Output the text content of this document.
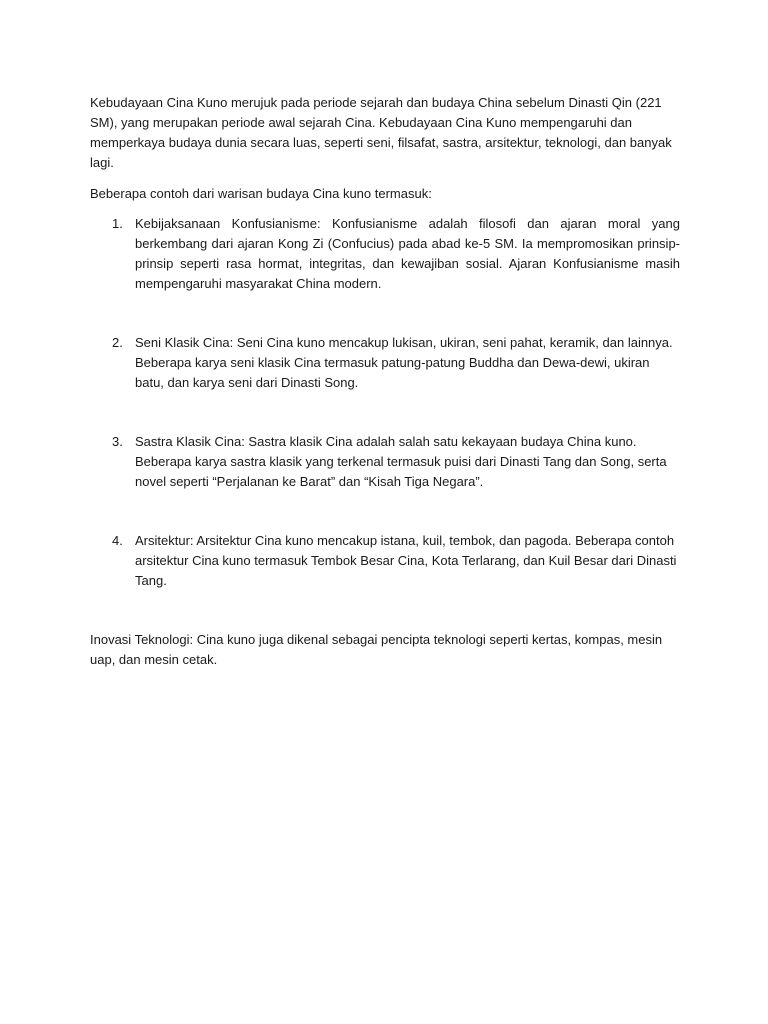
Kebudayaan Cina Kuno merujuk pada periode sejarah dan budaya China sebelum Dinasti Qin (221 SM), yang merupakan periode awal sejarah Cina. Kebudayaan Cina Kuno mempengaruhi dan memperkaya budaya dunia secara luas, seperti seni, filsafat, sastra, arsitektur, teknologi, dan banyak lagi.

Beberapa contoh dari warisan budaya Cina kuno termasuk:

1. Kebijaksanaan Konfusianisme: Konfusianisme adalah filosofi dan ajaran moral yang berkembang dari ajaran Kong Zi (Confucius) pada abad ke-5 SM. Ia mempromosikan prinsip-prinsip seperti rasa hormat, integritas, dan kewajiban sosial. Ajaran Konfusianisme masih mempengaruhi masyarakat China modern.
2. Seni Klasik Cina: Seni Cina kuno mencakup lukisan, ukiran, seni pahat, keramik, dan lainnya. Beberapa karya seni klasik Cina termasuk patung-patung Buddha dan Dewa-dewi, ukiran batu, dan karya seni dari Dinasti Song.
3. Sastra Klasik Cina: Sastra klasik Cina adalah salah satu kekayaan budaya China kuno. Beberapa karya sastra klasik yang terkenal termasuk puisi dari Dinasti Tang dan Song, serta novel seperti “Perjalanan ke Barat” dan “Kisah Tiga Negara”.
4. Arsitektur: Arsitektur Cina kuno mencakup istana, kuil, tembok, dan pagoda. Beberapa contoh arsitektur Cina kuno termasuk Tembok Besar Cina, Kota Terlarang, dan Kuil Besar dari Dinasti Tang.

Inovasi Teknologi: Cina kuno juga dikenal sebagai pencipta teknologi seperti kertas, kompas, mesin uap, dan mesin cetak.
